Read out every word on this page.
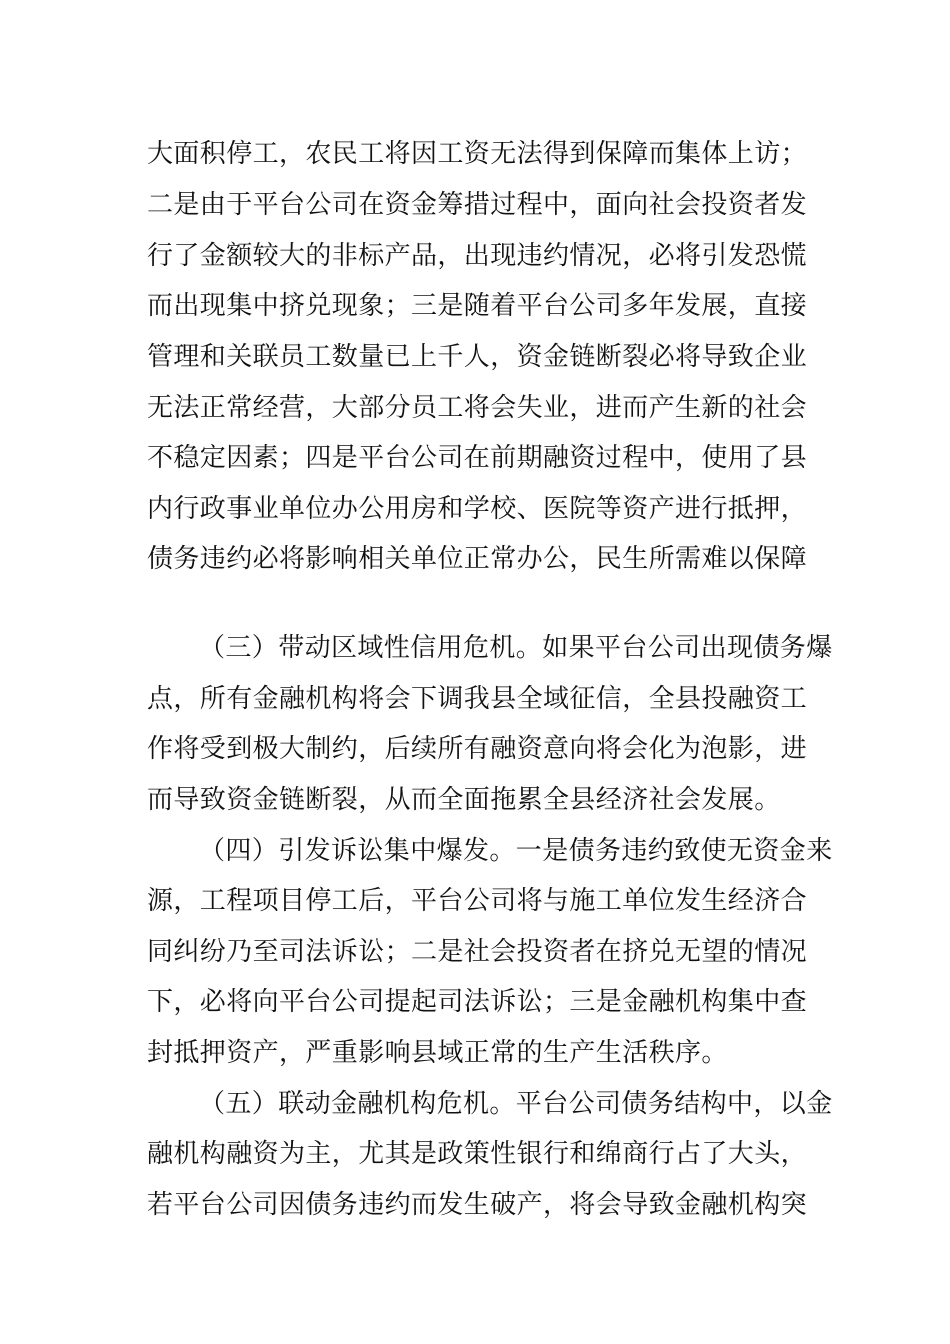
大面积停工，农民工将因工资无法得到保障而集体上访；
二是由于平台公司在资金筹措过程中，面向社会投资者发
行了金额较大的非标产品，出现违约情况，必将引发恐慌
而出现集中挤兑现象；三是随着平台公司多年发展，直接
管理和关联员工数量已上千人，资金链断裂必将导致企业
无法正常经营，大部分员工将会失业，进而产生新的社会
不稳定因素；四是平台公司在前期融资过程中，使用了县
内行政事业单位办公用房和学校、医院等资产进行抵押，
债务违约必将影响相关单位正常办公，民生所需难以保障
（三）带动区域性信用危机。如果平台公司出现债务爆
点，所有金融机构将会下调我县全域征信，全县投融资工
作将受到极大制约，后续所有融资意向将会化为泡影，进
而导致资金链断裂，从而全面拖累全县经济社会发展。
（四）引发诉讼集中爆发。一是债务违约致使无资金来
源，工程项目停工后，平台公司将与施工单位发生经济合
同纠纷乃至司法诉讼；二是社会投资者在挤兑无望的情况
下，必将向平台公司提起司法诉讼；三是金融机构集中查
封抵押资产，严重影响县域正常的生产生活秩序。
（五）联动金融机构危机。平台公司债务结构中，以金
融机构融资为主，尤其是政策性银行和绵商行占了大头，
若平台公司因债务违约而发生破产，将会导致金融机构突
